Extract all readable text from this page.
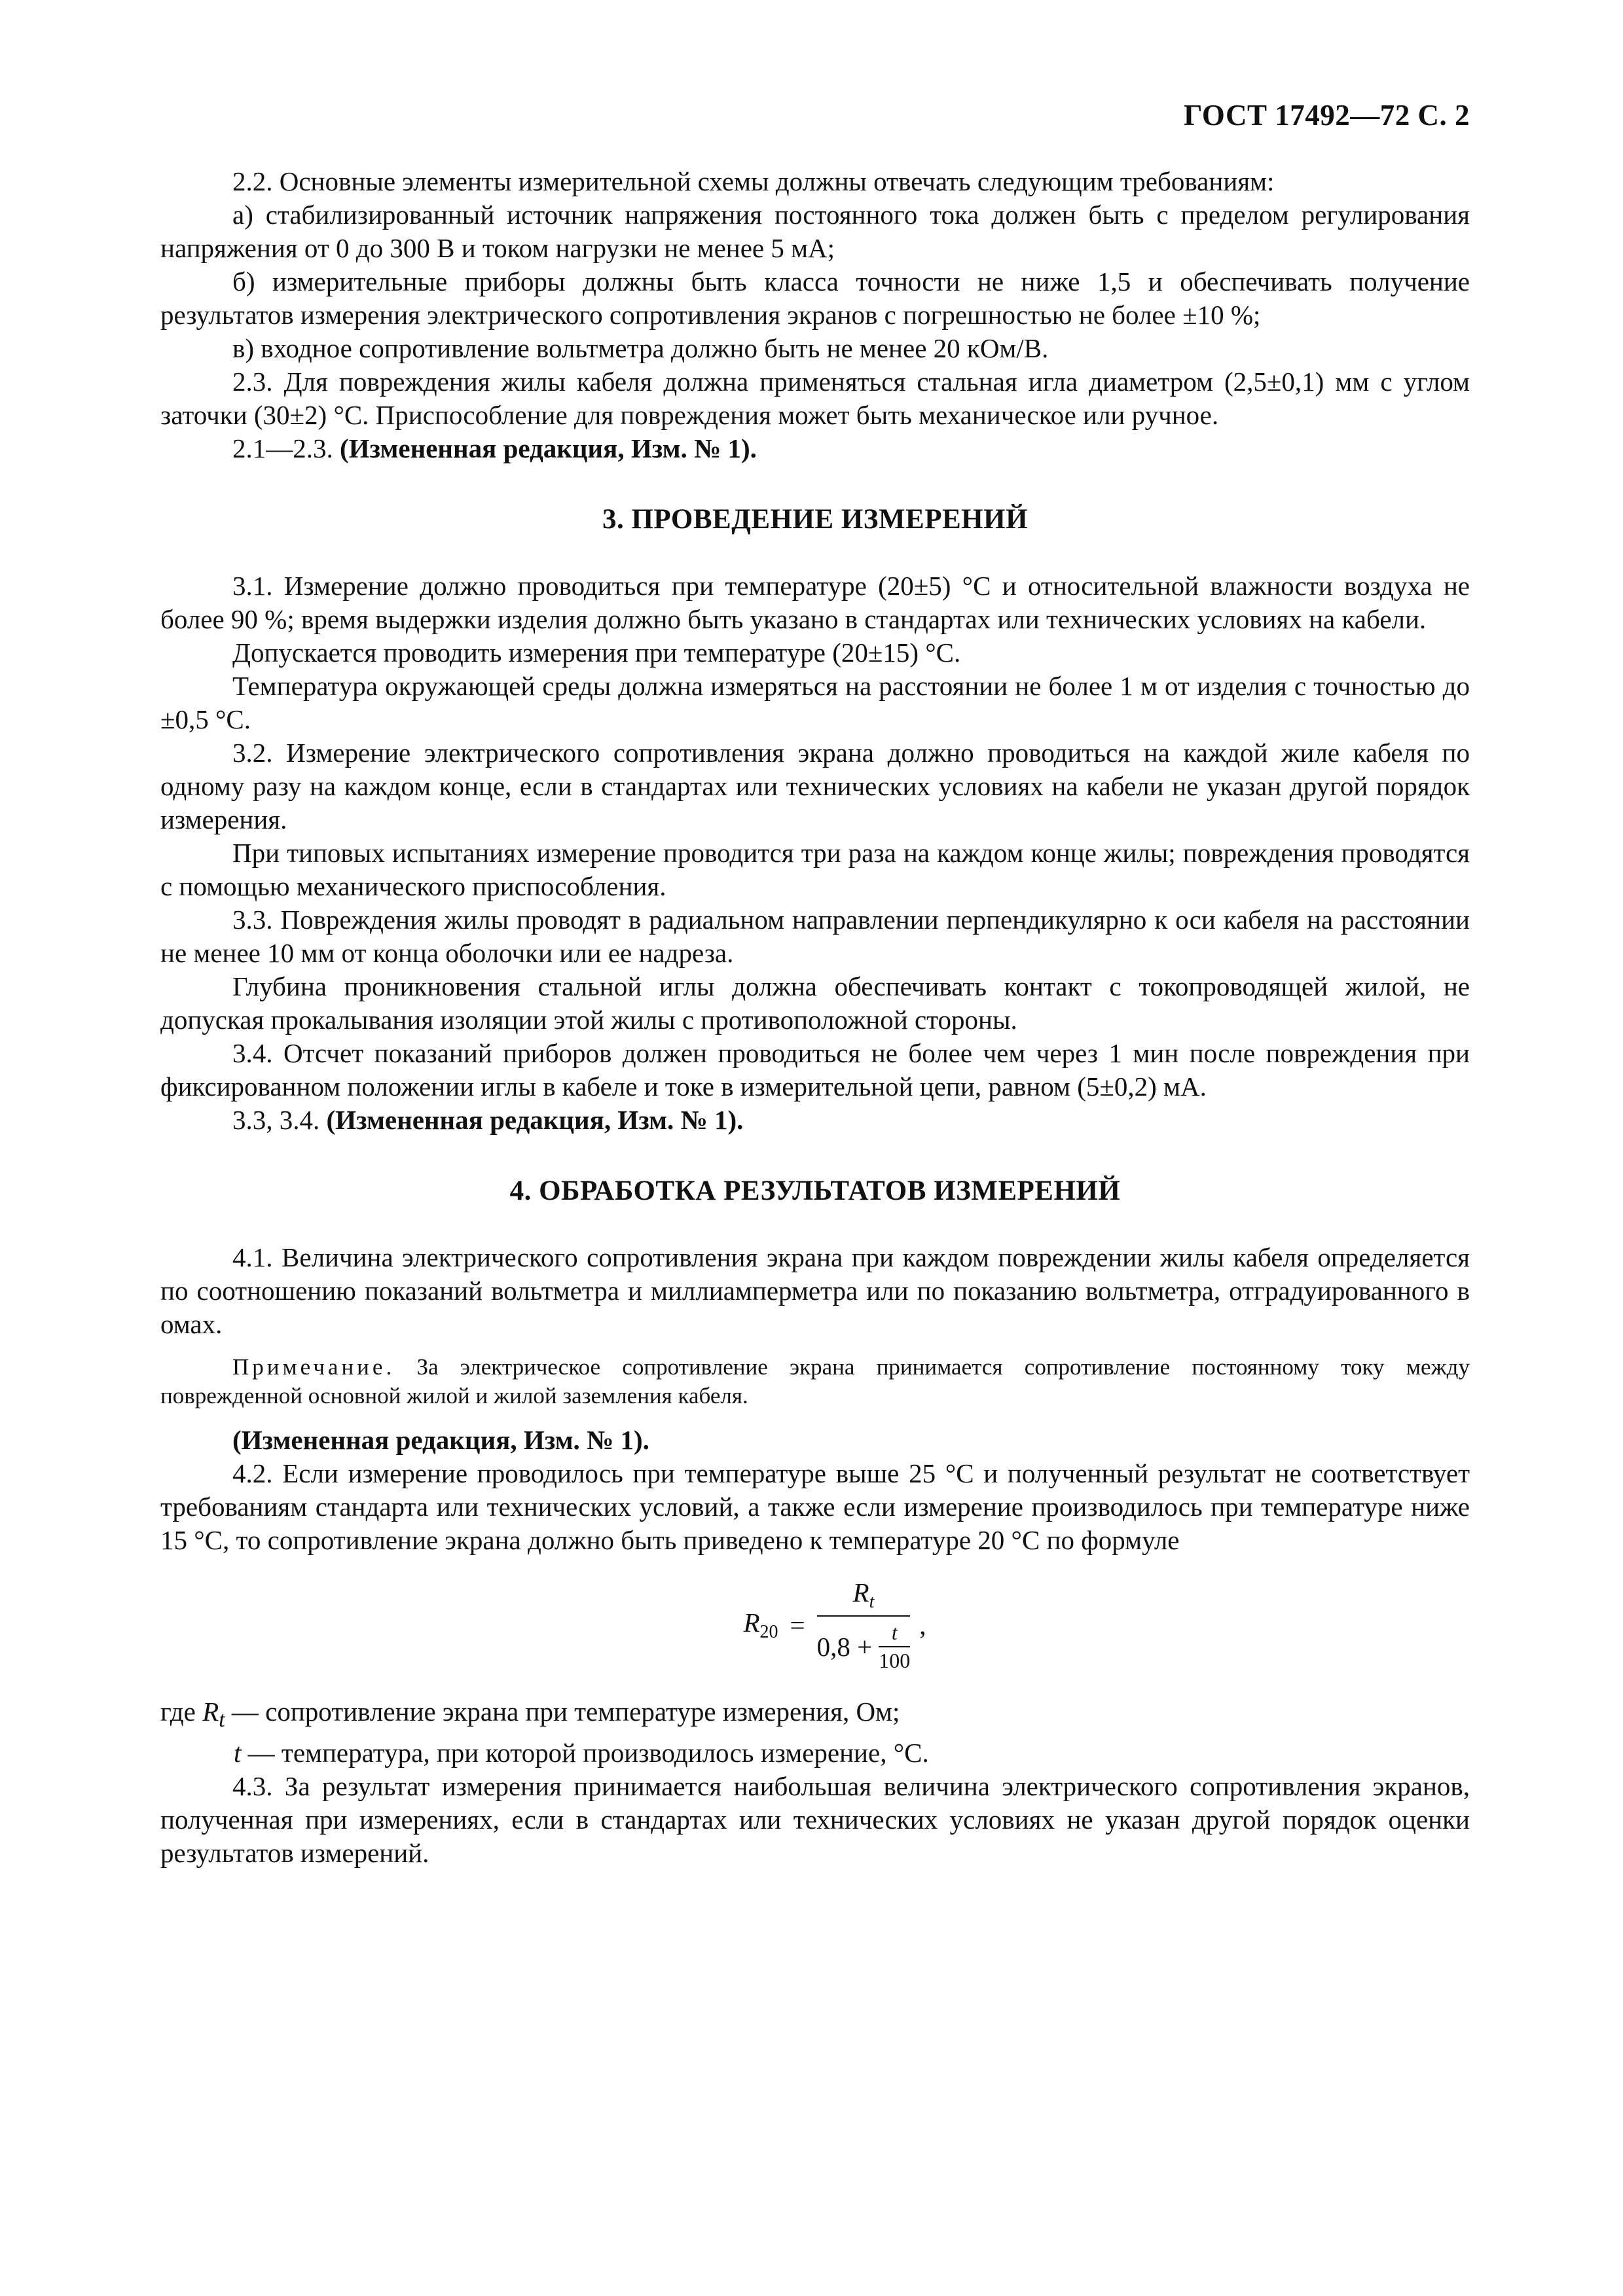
ГОСТ 17492—72 С. 2

2.2. Основные элементы измерительной схемы должны отвечать следующим требованиям:

а) стабилизированный источник напряжения постоянного тока должен быть с пределом регулирования напряжения от 0 до 300 В и током нагрузки не менее 5 мА;

б) измерительные приборы должны быть класса точности не ниже 1,5 и обеспечивать получение результатов измерения электрического сопротивления экранов с погрешностью не более ±10 %;

в) входное сопротивление вольтметра должно быть не менее 20 кОм/В.

2.3. Для повреждения жилы кабеля должна применяться стальная игла диаметром (2,5±0,1) мм с углом заточки (30±2) °С. Приспособление для повреждения может быть механическое или ручное.

2.1—2.3. (Измененная редакция, Изм. № 1).

3. ПРОВЕДЕНИЕ ИЗМЕРЕНИЙ

3.1. Измерение должно проводиться при температуре (20±5) °С и относительной влажности воздуха не более 90 %; время выдержки изделия должно быть указано в стандартах или технических условиях на кабели.

Допускается проводить измерения при температуре (20±15) °С.

Температура окружающей среды должна измеряться на расстоянии не более 1 м от изделия с точностью до ±0,5 °С.

3.2. Измерение электрического сопротивления экрана должно проводиться на каждой жиле кабеля по одному разу на каждом конце, если в стандартах или технических условиях на кабели не указан другой порядок измерения.

При типовых испытаниях измерение проводится три раза на каждом конце жилы; повреждения проводятся с помощью механического приспособления.

3.3. Повреждения жилы проводят в радиальном направлении перпендикулярно к оси кабеля на расстоянии не менее 10 мм от конца оболочки или ее надреза.

Глубина проникновения стальной иглы должна обеспечивать контакт с токопроводящей жилой, не допуская прокалывания изоляции этой жилы с противоположной стороны.

3.4. Отсчет показаний приборов должен проводиться не более чем через 1 мин после повреждения при фиксированном положении иглы в кабеле и токе в измерительной цепи, равном (5±0,2) мА.

3.3, 3.4. (Измененная редакция, Изм. № 1).

4. ОБРАБОТКА РЕЗУЛЬТАТОВ ИЗМЕРЕНИЙ

4.1. Величина электрического сопротивления экрана при каждом повреждении жилы кабеля определяется по соотношению показаний вольтметра и миллиамперметра или по показанию вольтметра, отградуированного в омах.

Примечание. За электрическое сопротивление экрана принимается сопротивление постоянному току между поврежденной основной жилой и жилой заземления кабеля.

(Измененная редакция, Изм. № 1).

4.2. Если измерение проводилось при температуре выше 25 °С и полученный результат не соответствует требованиям стандарта или технических условий, а также если измерение производилось при температуре ниже 15 °С, то сопротивление экрана должно быть приведено к температуре 20 °С по формуле

$R_{20} = \frac{R_t}{0,8 + \frac{t}{100}}$ ,

где $R_t$ — сопротивление экрана при температуре измерения, Ом;

t — температура, при которой производилось измерение, °С.

4.3. За результат измерения принимается наибольшая величина электрического сопротивления экранов, полученная при измерениях, если в стандартах или технических условиях не указан другой порядок оценки результатов измерений.
